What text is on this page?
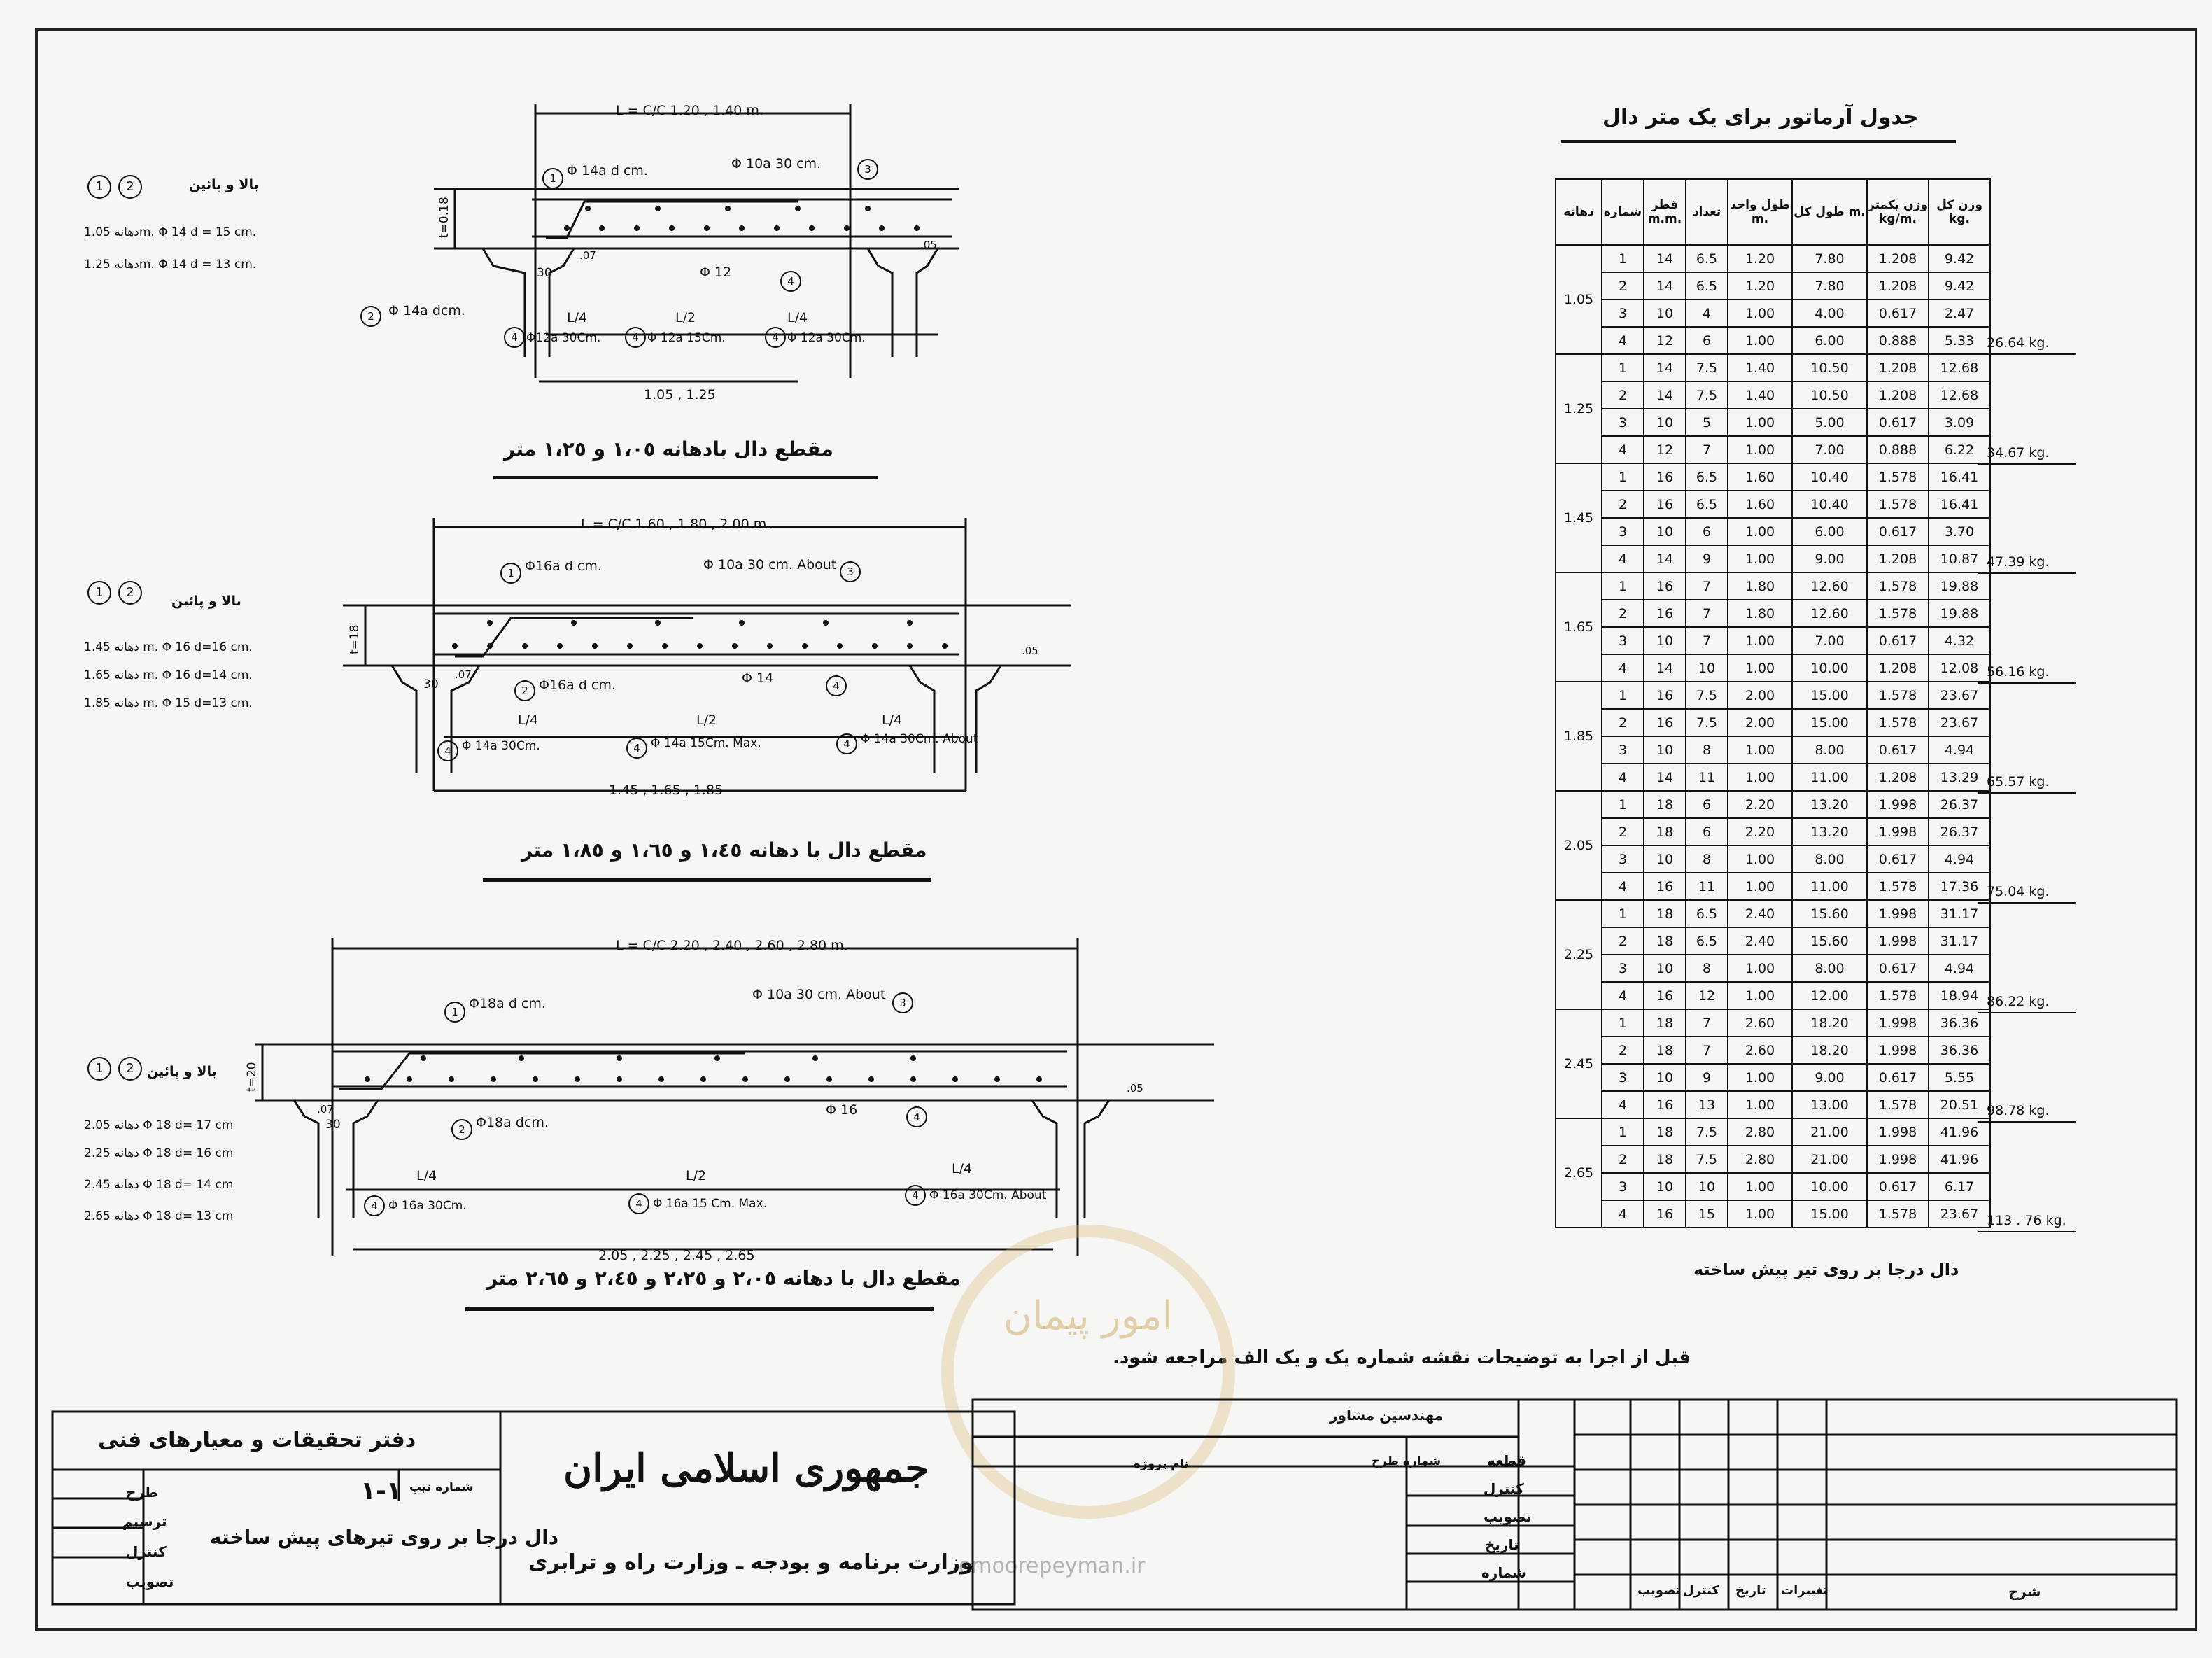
1
3
4
2
4	4	4
L = C/C 1.20 , 1.40 m.
Φ 14a d cm.	Φ 10a 30 cm.
Φ 12
Φ 14a dcm.
t=0.18
.07
30
.05
L/4	L/2	L/4
Φ12a 30Cm.	Φ 12a 15Cm.	Φ 12a 30Cm.
1.05 , 1.25
مقطع دال بادهانه ١،٠٥ و ١،٢٥ متر
بالا و پائین
1	2
دهانه 1.05m. Φ 14 d = 15 cm.
دهانه 1.25m. Φ 14 d = 13 cm.
1	3
4
2
4	4	4
L = C/C 1.60 , 1.80 , 2.00 m.
Φ16a d cm.	Φ 10a 30 cm. About
Φ16a d cm.	Φ 14
t=18
.07
30
.05
L/4	L/2	L/4
Φ 14a 30Cm.	Φ 14a 15Cm. Max.	Φ 14a 30Cm. About
1.45 , 1.65 , 1.85
مقطع دال با دهانه ١،٤٥ و ١،٦٥ و ١،٨٥ متر
بالا و پائین
1	2
دهانه 1.45 m. Φ 16 d=16 cm.
دهانه 1.65 m. Φ 16 d=14 cm.
دهانه 1.85 m. Φ 15 d=13 cm.
1
3
4
2
4	4
4
L = C/C 2.20 , 2.40 , 2.60 , 2.80 m.
Φ18a d cm.
Φ 10a 30 cm. About
Φ18a dcm.
Φ 16
t=20
.07
30
.05
L/4	L/2	L/4
Φ 16a 30Cm.	Φ 16a 15 Cm. Max.
Φ 16a 30Cm. About
2.05 , 2.25 , 2.45 , 2.65
مقطع دال با دهانه ٢،٠٥ و ٢،٢٥ و ٢،٤٥ و ٢،٦٥ متر
بالا و پائین
1	2
دهانه 2.05 Φ 18 d= 17 cm
دهانه 2.25 Φ 18 d= 16 cm
دهانه 2.45 Φ 18 d= 14 cm
دهانه 2.65 Φ 18 d= 13 cm
جدول آرماتور برای یک متر دال
دهانه	شماره	قطر m.m.	تعداد	طول واحد m.	طول کل m.	وزن یکمتر kg/m.	وزن کل kg.
1.05	1	14	6.5	1.20	7.80	1.208	9.42
	2	14	6.5	1.20	7.80	1.208	9.42
	3	10	4	1.00	4.00	0.617	2.47
	4	12	6	1.00	6.00	0.888	5.33
1.25	1	14	7.5	1.40	10.50	1.208	12.68
	2	14	7.5	1.40	10.50	1.208	12.68
	3	10	5	1.00	5.00	0.617	3.09
	4	12	7	1.00	7.00	0.888	6.22
1.45	1	16	6.5	1.60	10.40	1.578	16.41
	2	16	6.5	1.60	10.40	1.578	16.41
	3	10	6	1.00	6.00	0.617	3.70
	4	14	9	1.00	9.00	1.208	10.87
1.65	1	16	7	1.80	12.60	1.578	19.88
	2	16	7	1.80	12.60	1.578	19.88
	3	10	7	1.00	7.00	0.617	4.32
	4	14	10	1.00	10.00	1.208	12.08
1.85	1	16	7.5	2.00	15.00	1.578	23.67
	2	16	7.5	2.00	15.00	1.578	23.67
	3	10	8	1.00	8.00	0.617	4.94
	4	14	11	1.00	11.00	1.208	13.29
2.05	1	18	6	2.20	13.20	1.998	26.37
	2	18	6	2.20	13.20	1.998	26.37
	3	10	8	1.00	8.00	0.617	4.94
	4	16	11	1.00	11.00	1.578	17.36
2.25	1	18	6.5	2.40	15.60	1.998	31.17
	2	18	6.5	2.40	15.60	1.998	31.17
	3	10	8	1.00	8.00	0.617	4.94
	4	16	12	1.00	12.00	1.578	18.94
2.45	1	18	7	2.60	18.20	1.998	36.36
	2	18	7	2.60	18.20	1.998	36.36
	3	10	9	1.00	9.00	0.617	5.55
	4	16	13	1.00	13.00	1.578	20.51
2.65	1	18	7.5	2.80	21.00	1.998	41.96
	2	18	7.5	2.80	21.00	1.998	41.96
	3	10	10	1.00	10.00	0.617	6.17
	4	16	15	1.00	15.00	1.578	23.67
26.64 kg.
34.67 kg.
47.39 kg.
56.16 kg.
65.57 kg.
75.04 kg.
86.22 kg.
98.78 kg.
113 . 76 kg.
دال درجا بر روی تیر پیش ساخته
قبل از اجرا به توضیحات نقشه شماره یک و یک الف مراجعه شود.
امور پیمان
omoorepeyman.ir
دفتر تحقیقات و معیارهای فنی
طرح
ترسیم
کنترل
تصویب
شماره نیپ
١-١
دال درجا بر روی تیرهای پیش ساخته
جمهوری اسلامی ایران
وزارت برنامه و بودجه ـ وزارت راه و ترابری
مهندسین مشاور
نام پروژه	شماره طرح	قطعه
کنترل
تصویب
تاریخ
شماره
شرح
تغییرات
تاریخ
کنترل
تصویب
